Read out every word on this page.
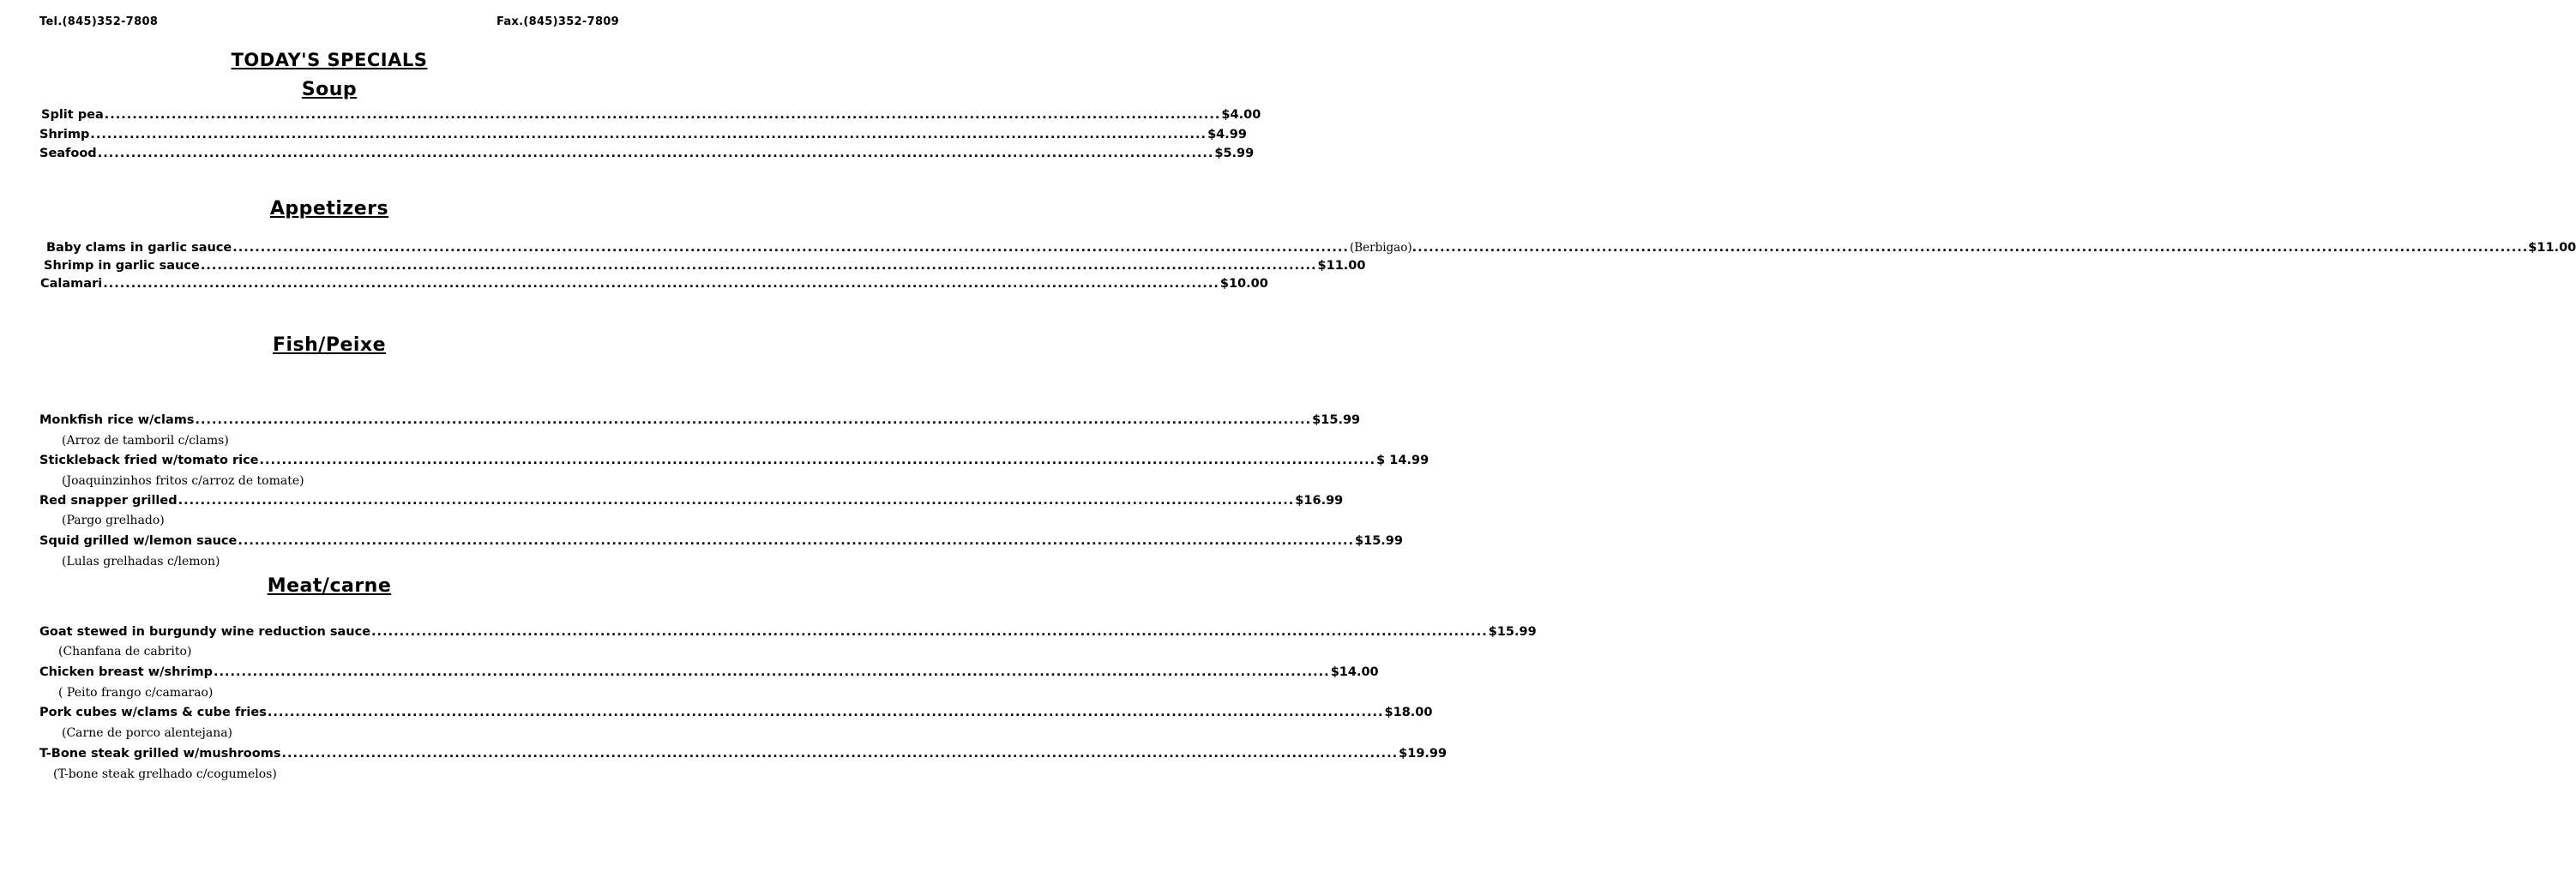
Tel.(845)352-7808	Fax.(845)352-7809
TODAY'S SPECIALS
Soup
Split pea ........................................................................................................................................................................................................ $4.00
Shrimp ........................................................................................................................................................................................................ $4.99
Seafood ........................................................................................................................................................................................................ $5.99
Appetizers
Baby clams in garlic sauce ........................................................................................................................................................................................................ (Berbigao) ........................................................................................................................................................................................................ $11.00
Shrimp in garlic sauce ........................................................................................................................................................................................................ $11.00
Calamari ........................................................................................................................................................................................................ $10.00
Fish/Peixe
Monkfish rice w/clams ........................................................................................................................................................................................................ $15.99
(Arroz de tamboril c/clams)
Stickleback fried w/tomato rice ........................................................................................................................................................................................................ $ 14.99
(Joaquinzinhos fritos c/arroz de tomate)
Red snapper grilled ........................................................................................................................................................................................................ $16.99
(Pargo grelhado)
Squid grilled w/lemon sauce ........................................................................................................................................................................................................ $15.99
(Lulas grelhadas c/lemon)
Meat/carne
Goat stewed in burgundy wine reduction sauce ........................................................................................................................................................................................................ $15.99
(Chanfana de cabrito)
Chicken breast w/shrimp ........................................................................................................................................................................................................ $14.00
( Peito frango c/camarao)
Pork cubes w/clams & cube fries ........................................................................................................................................................................................................ $18.00
(Carne de porco alentejana)
T-Bone steak grilled w/mushrooms ........................................................................................................................................................................................................ $19.99
(T-bone steak grelhado c/cogumelos)
